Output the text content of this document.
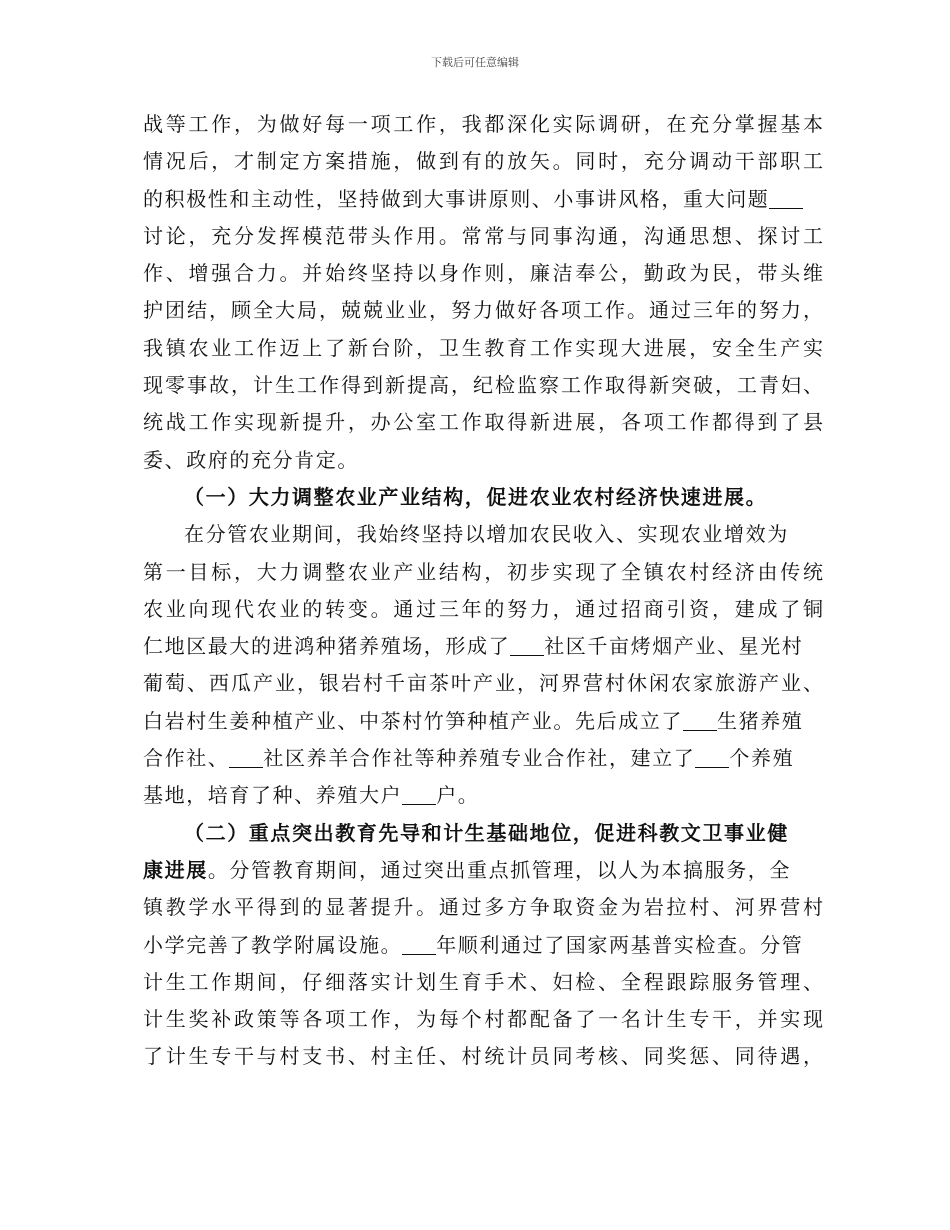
下载后可任意编辑
战等工作，为做好每一项工作，我都深化实际调研，在充分掌握基本
情况后，才制定方案措施，做到有的放矢。同时，充分调动干部职工
的积极性和主动性，坚持做到大事讲原则、小事讲风格，重大问题
讨论，充分发挥模范带头作用。常常与同事沟通，沟通思想、探讨工
作、增强合力。并始终坚持以身作则，廉洁奉公，勤政为民，带头维
护团结，顾全大局，兢兢业业，努力做好各项工作。通过三年的努力，
我镇农业工作迈上了新台阶，卫生教育工作实现大进展，安全生产实
现零事故，计生工作得到新提高，纪检监察工作取得新突破，工青妇、
统战工作实现新提升，办公室工作取得新进展，各项工作都得到了县
委、政府的充分肯定。
（一）大力调整农业产业结构，促进农业农村经济快速进展。
在分管农业期间，我始终坚持以增加农民收入、实现农业增效为
第一目标，大力调整农业产业结构，初步实现了全镇农村经济由传统
农业向现代农业的转变。通过三年的努力，通过招商引资，建成了铜
仁地区最大的进鸿种猪养殖场，形成了 社区千亩烤烟产业、星光村
葡萄、西瓜产业，银岩村千亩茶叶产业，河界营村休闲农家旅游产业、
白岩村生姜种植产业、中茶村竹笋种植产业。先后成立了 生猪养殖
合作社、 社区养羊合作社等种养殖专业合作社，建立了 个养殖
基地，培育了种、养殖大户 户。
（二）重点突出教育先导和计生基础地位，促进科教文卫事业健
康进展。分管教育期间，通过突出重点抓管理，以人为本搞服务，全
镇教学水平得到的显著提升。通过多方争取资金为岩拉村、河界营村
小学完善了教学附属设施。 年顺利通过了国家两基普实检查。分管
计生工作期间，仔细落实计划生育手术、妇检、全程跟踪服务管理、
计生奖补政策等各项工作，为每个村都配备了一名计生专干，并实现
了计生专干与村支书、村主任、村统计员同考核、同奖惩、同待遇，
